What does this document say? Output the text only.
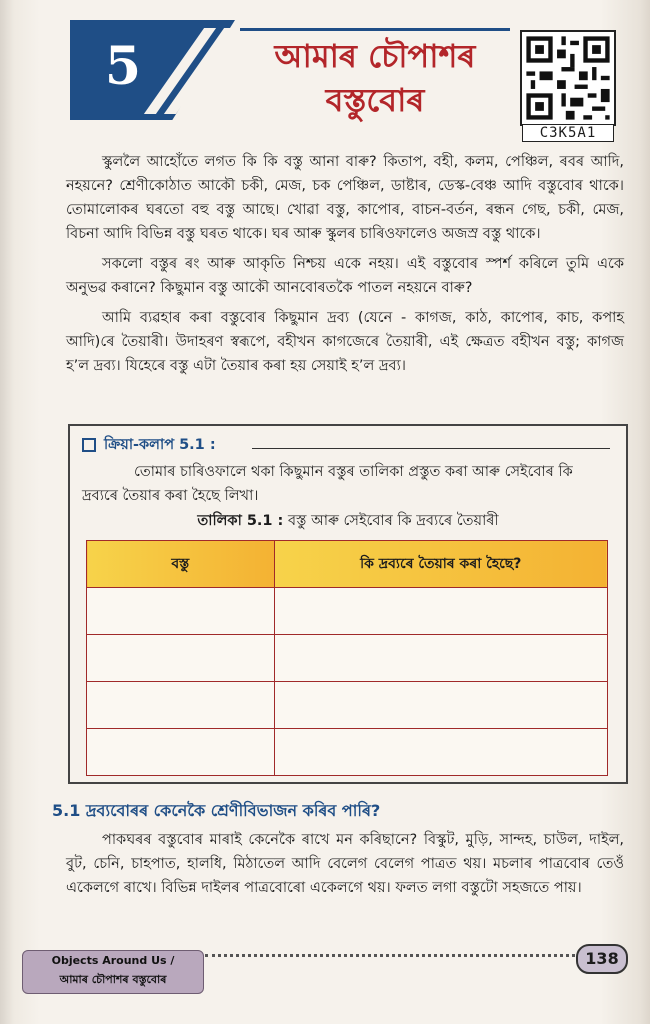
5	আমাৰ চৌপাশৰ
বস্তুবোৰ
C3K5A1

স্কুললৈ আহোঁতে লগত কি কি বস্তু আনা বাৰু? কিতাপ, বহী, কলম, পেঞ্চিল, ৰবৰ আদি, নহয়নে? শ্ৰেণীকোঠাত আকৌ চকী, মেজ, চক পেঞ্চিল, ডাষ্টাৰ, ডেস্ক-বেঞ্চ আদি বস্তুবোৰ থাকে। তোমালোকৰ ঘৰতো বহু বস্তু আছে। খোৱা বস্তু, কাপোৰ, বাচন-বৰ্তন, ৰন্ধন গেছ, চকী, মেজ, বিচনা আদি বিভিন্ন বস্তু ঘৰত থাকে। ঘৰ আৰু স্কুলৰ চাৰিওফালেও অজস্ৰ বস্তু থাকে।

সকলো বস্তুৰ ৰং আৰু আকৃতি নিশ্চয় একে নহয়। এই বস্তুবোৰ স্পৰ্শ কৰিলে তুমি একে অনুভৱ কৰানে? কিছুমান বস্তু আকৌ আনবোৰতকৈ পাতল নহয়নে বাৰু?

আমি ব্যৱহাৰ কৰা বস্তুবোৰ কিছুমান দ্ৰব্য (যেনে - কাগজ, কাঠ, কাপোৰ, কাচ, কপাহ আদি)ৰে তৈয়াৰী। উদাহৰণ স্বৰূপে, বহীখন কাগজেৰে তৈয়াৰী, এই ক্ষেত্ৰত বহীখন বস্তু; কাগজ হ’ল দ্ৰব্য। যিহেৰে বস্তু এটা তৈয়াৰ কৰা হয় সেয়াই হ’ল দ্ৰব্য।

ক্ৰিয়া-কলাপ 5.1 :
তোমাৰ চাৰিওফালে থকা কিছুমান বস্তুৰ তালিকা প্ৰস্তুত কৰা আৰু সেইবোৰ কি দ্ৰব্যৰে তৈয়াৰ কৰা হৈছে লিখা।
তালিকা 5.1 : বস্তু আৰু সেইবোৰ কি দ্ৰব্যৰে তৈয়াৰী
বস্তু	কি দ্ৰব্যৰে তৈয়াৰ কৰা হৈছে?

5.1 দ্ৰব্যবোৰৰ কেনেকৈ শ্ৰেণীবিভাজন কৰিব পাৰি?

পাকঘৰৰ বস্তুবোৰ মাৰাই কেনেকৈ ৰাখে মন কৰিছানে? বিস্কুট, মুড়ি, সান্দহ, চাউল, দাইল, বুট, চেনি, চাহপাত, হালধি, মিঠাতেল আদি বেলেগ বেলেগ পাত্ৰত থয়। মচলাৰ পাত্ৰবোৰ তেওঁ একেলগে ৰাখে। বিভিন্ন দাইলৰ পাত্ৰবোৰো একেলগে থয়। ফলত লগা বস্তুটো সহজতে পায়।

Objects Around Us /
আমাৰ চৌপাশৰ বস্তুবোৰ
138
